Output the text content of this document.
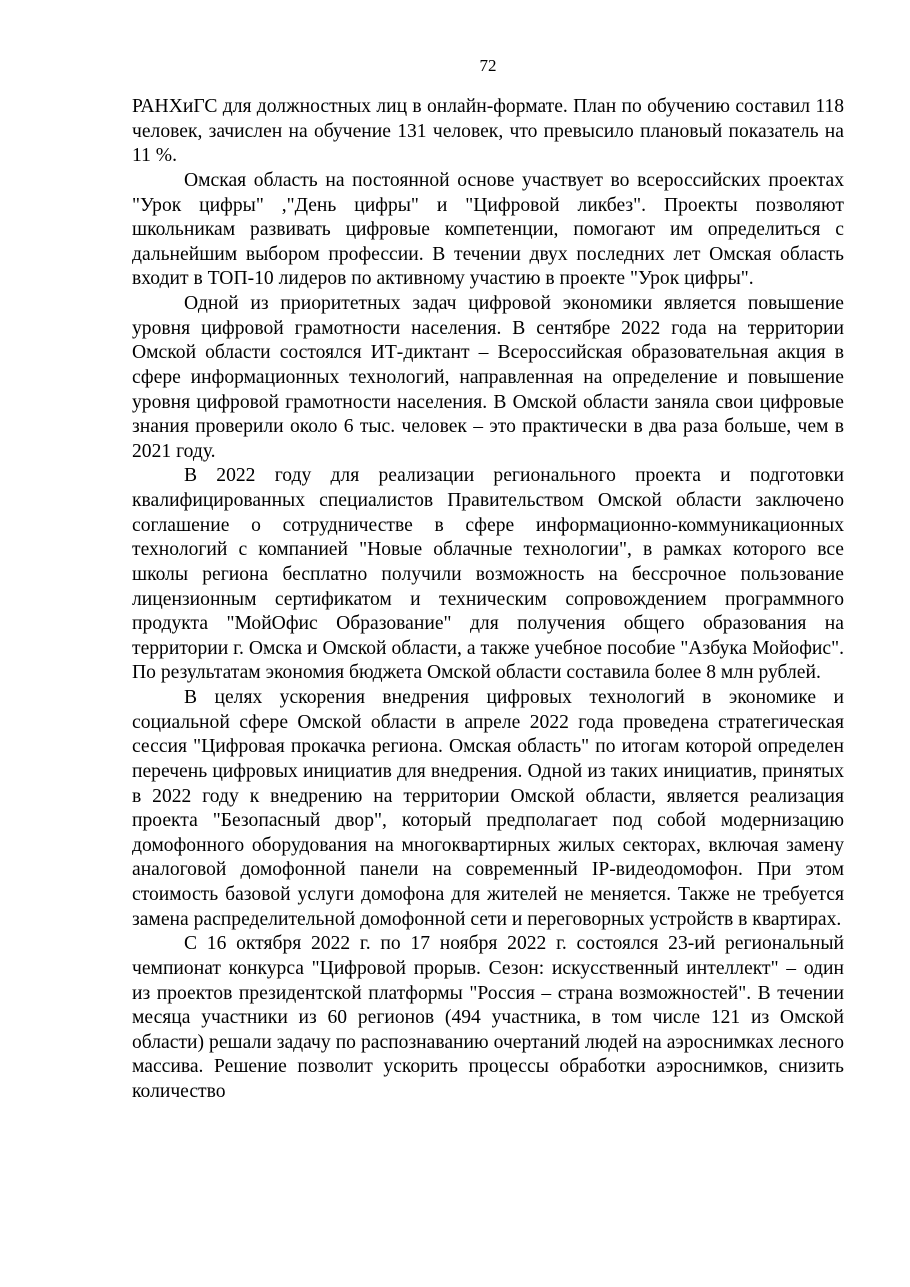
72

РАНХиГС для должностных лиц в онлайн-формате. План по обучению составил 118 человек, зачислен на обучение 131 человек, что превысило плановый показатель на 11 %.

Омская область на постоянной основе участвует во всероссийских проектах "Урок цифры" ,"День цифры" и "Цифровой ликбез". Проекты позволяют школьникам развивать цифровые компетенции, помогают им определиться с дальнейшим выбором профессии. В течении двух последних лет Омская область входит в ТОП-10 лидеров по активному участию в проекте "Урок цифры".

Одной из приоритетных задач цифровой экономики является повышение уровня цифровой грамотности населения. В сентябре 2022 года на территории Омской области состоялся ИТ-диктант – Всероссийская образовательная акция в сфере информационных технологий, направленная на определение и повышение уровня цифровой грамотности населения. В Омской области заняла свои цифровые знания проверили около 6 тыс. человек – это практически в два раза больше, чем в 2021 году.

В 2022 году для реализации регионального проекта и подготовки квалифицированных специалистов Правительством Омской области заключено соглашение о сотрудничестве в сфере информационно-коммуникационных технологий с компанией "Новые облачные технологии", в рамках которого все школы региона бесплатно получили возможность на бессрочное пользование лицензионным сертификатом и техническим сопровождением программного продукта "МойОфис Образование" для получения общего образования на территории г. Омска и Омской области, а также учебное пособие "Азбука Мойофис". По результатам экономия бюджета Омской области составила более 8 млн рублей.

В целях ускорения внедрения цифровых технологий в экономике и социальной сфере Омской области в апреле 2022 года проведена стратегическая сессия "Цифровая прокачка региона. Омская область" по итогам которой определен перечень цифровых инициатив для внедрения. Одной из таких инициатив, принятых в 2022 году к внедрению на территории Омской области, является реализация проекта "Безопасный двор", который предполагает под собой модернизацию домофонного оборудования на многоквартирных жилых секторах, включая замену аналоговой домофонной панели на современный IP-видеодомофон. При этом стоимость базовой услуги домофона для жителей не меняется. Также не требуется замена распределительной домофонной сети и переговорных устройств в квартирах.

С 16 октября 2022 г. по 17 ноября 2022 г. состоялся 23-ий региональный чемпионат конкурса "Цифровой прорыв. Сезон: искусственный интеллект" – один из проектов президентской платформы "Россия – страна возможностей". В течении месяца участники из 60 регионов (494 участника, в том числе 121 из Омской области) решали задачу по распознаванию очертаний людей на аэроснимках лесного массива. Решение позволит ускорить процессы обработки аэроснимков, снизить количество
